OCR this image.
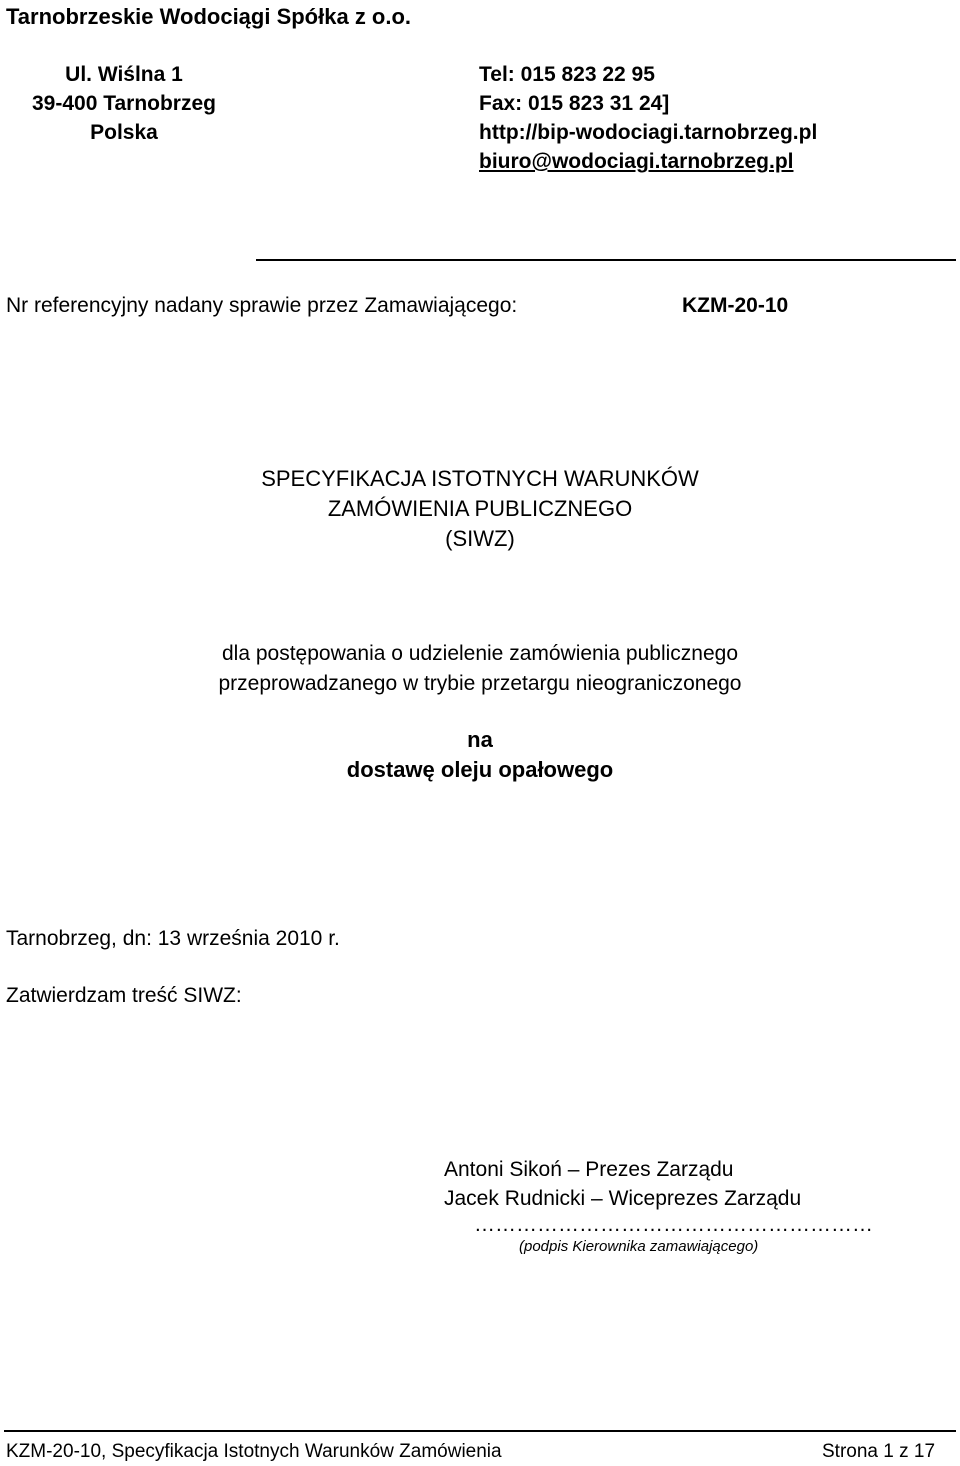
Tarnobrzeskie Wodociągi Spółka z o.o.
Ul. Wiślna 1
39-400 Tarnobrzeg
Polska
Tel: 015 823 22 95
Fax: 015 823 31 24]
http://bip-wodociagi.tarnobrzeg.pl
biuro@wodociagi.tarnobrzeg.pl
Nr referencyjny nadany sprawie przez Zamawiającego:	KZM-20-10
SPECYFIKACJA ISTOTNYCH WARUNKÓW
ZAMÓWIENIA PUBLICZNEGO
(SIWZ)
dla postępowania o udzielenie zamówienia publicznego
przeprowadzanego w trybie przetargu nieograniczonego
na
dostawę oleju opałowego
Tarnobrzeg, dn: 13 września 2010 r.
Zatwierdzam treść SIWZ:
Antoni Sikoń – Prezes Zarządu
Jacek Rudnicki – Wiceprezes Zarządu
…………………………………………………
(podpis Kierownika zamawiającego)
KZM-20-10, Specyfikacja Istotnych Warunków Zamówienia	Strona 1 z 17
